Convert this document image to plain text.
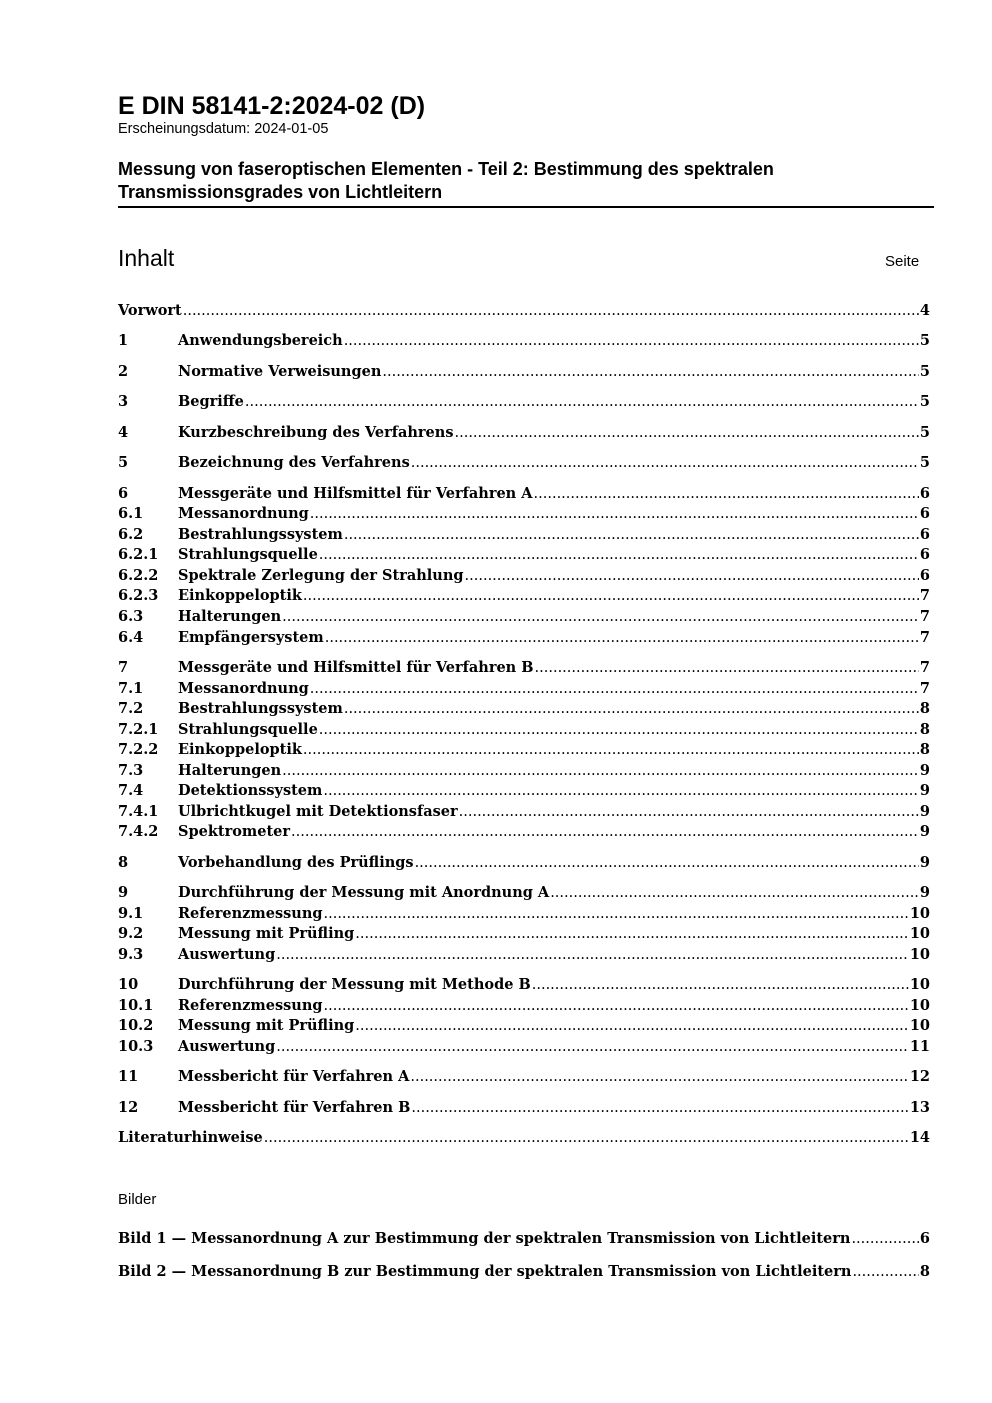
E DIN 58141-2:2024-02 (D)
Erscheinungsdatum: 2024-01-05
Messung von faseroptischen Elementen - Teil 2: Bestimmung des spektralen
Transmissionsgrades von Lichtleitern
Inhalt	Seite
Vorwort .....	4
1	Anwendungsbereich .....	5
2	Normative Verweisungen .....	5
3	Begriffe .....	5
4	Kurzbeschreibung des Verfahrens .....	5
5	Bezeichnung des Verfahrens .....	5
6	Messgeräte und Hilfsmittel für Verfahren A .....	6
6.1	Messanordnung .....	6
6.2	Bestrahlungssystem .....	6
6.2.1	Strahlungsquelle .....	6
6.2.2	Spektrale Zerlegung der Strahlung .....	6
6.2.3	Einkoppeloptik .....	7
6.3	Halterungen .....	7
6.4	Empfängersystem .....	7
7	Messgeräte und Hilfsmittel für Verfahren B .....	7
7.1	Messanordnung .....	7
7.2	Bestrahlungssystem .....	8
7.2.1	Strahlungsquelle .....	8
7.2.2	Einkoppeloptik .....	8
7.3	Halterungen .....	9
7.4	Detektionssystem .....	9
7.4.1	Ulbrichtkugel mit Detektionsfaser .....	9
7.4.2	Spektrometer .....	9
8	Vorbehandlung des Prüflings .....	9
9	Durchführung der Messung mit Anordnung A .....	9
9.1	Referenzmessung .....	10
9.2	Messung mit Prüfling .....	10
9.3	Auswertung .....	10
10	Durchführung der Messung mit Methode B .....	10
10.1	Referenzmessung .....	10
10.2	Messung mit Prüfling .....	10
10.3	Auswertung .....	11
11	Messbericht für Verfahren A .....	12
12	Messbericht für Verfahren B .....	13
Literaturhinweise .....	14
Bilder
Bild 1 — Messanordnung A zur Bestimmung der spektralen Transmission von Lichtleitern .....	6
Bild 2 — Messanordnung B zur Bestimmung der spektralen Transmission von Lichtleitern .....	8
